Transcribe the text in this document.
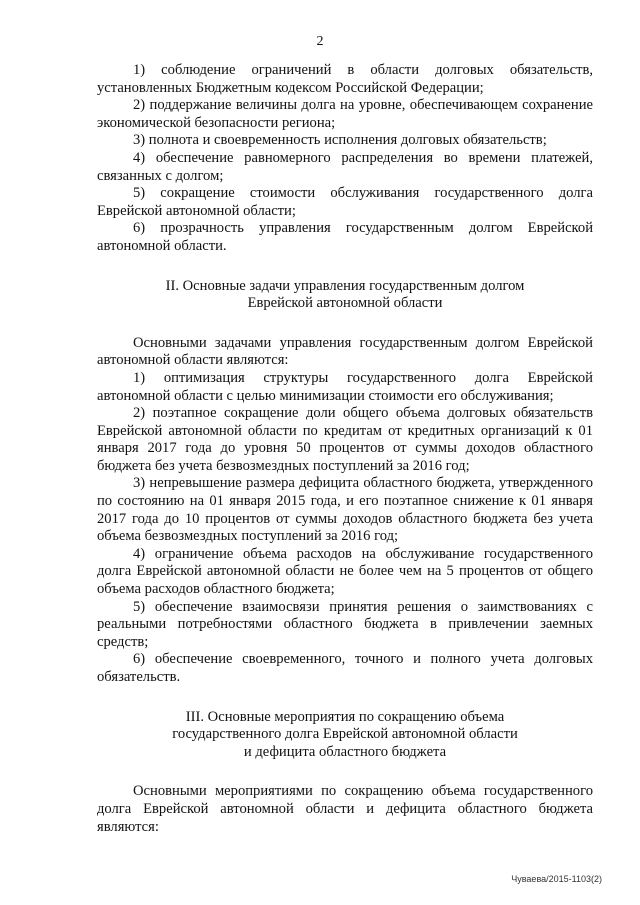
2

1) соблюдение ограничений в области долговых обязательств, установленных Бюджетным кодексом Российской Федерации;

2) поддержание величины долга на уровне, обеспечивающем сохранение экономической безопасности региона;

3) полнота и своевременность исполнения долговых обязательств;

4) обеспечение равномерного распределения во времени платежей, связанных с долгом;

5) сокращение стоимости обслуживания государственного долга Еврейской автономной области;

6) прозрачность управления государственным долгом Еврейской автономной области.

II. Основные задачи управления государственным долгом
Еврейской автономной области

Основными задачами управления государственным долгом Еврейской автономной области являются:

1) оптимизация структуры государственного долга Еврейской автономной области с целью минимизации стоимости его обслуживания;

2) поэтапное сокращение доли общего объема долговых обязательств Еврейской автономной области по кредитам от кредитных организаций к 01 января 2017 года до уровня 50 процентов от суммы доходов областного бюджета без учета безвозмездных поступлений за 2016 год;

3) непревышение размера дефицита областного бюджета, утвержденного по состоянию на 01 января 2015 года, и его поэтапное снижение к 01 января 2017 года до 10 процентов от суммы доходов областного бюджета без учета объема безвозмездных поступлений за 2016 год;

4) ограничение объема расходов на обслуживание государственного долга Еврейской автономной области не более чем на 5 процентов от общего объема расходов областного бюджета;

5) обеспечение взаимосвязи принятия решения о заимствованиях с реальными потребностями областного бюджета в привлечении заемных средств;

6) обеспечение своевременного, точного и полного учета долговых обязательств.

III. Основные мероприятия по сокращению объема
государственного долга Еврейской автономной области
и дефицита областного бюджета

Основными мероприятиями по сокращению объема государственного долга Еврейской автономной области и дефицита областного бюджета являются:

Чуваева/2015-1103(2)
